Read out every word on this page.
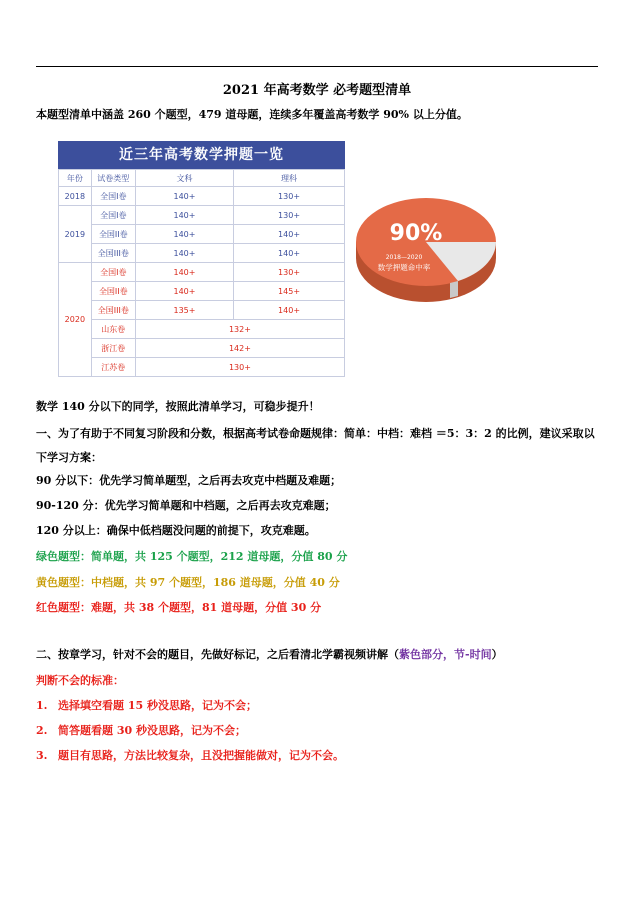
2021 年高考数学 必考题型清单
本题型清单中涵盖 260 个题型，479 道母题，连续多年覆盖高考数学 90% 以上分值。
近三年高考数学押题一览
年份	试卷类型	文科	理科
2018	全国I卷	140+	130+
2019	全国I卷	140+	130+
	全国II卷	140+	140+
	全国III卷	140+	140+
2020	全国I卷	140+	130+
	全国II卷	140+	145+
	全国III卷	135+	140+
	山东卷	132+	
	浙江卷	142+	
	江苏卷	130+	
90%
2018—2020
数学押题命中率
数学 140 分以下的同学，按照此清单学习，可稳步提升！
一、为了有助于不同复习阶段和分数，根据高考试卷命题规律：简单：中档：难档 ＝5：3：2 的比例，建议采取以下学习方案：
90 分以下：优先学习简单题型，之后再去攻克中档题及难题；
90-120 分：优先学习简单题和中档题，之后再去攻克难题；
120 分以上：确保中低档题没问题的前提下，攻克难题。
绿色题型：简单题，共 125 个题型，212 道母题，分值 80 分
黄色题型：中档题，共 97 个题型，186 道母题，分值 40 分
红色题型：难题，共 38 个题型，81 道母题，分值 30 分
二、按章学习，针对不会的题目，先做好标记，之后看清北学霸视频讲解（紫色部分，节-时间）
判断不会的标准：
1. 选择填空看题 15 秒没思路，记为不会；
2. 简答题看题 30 秒没思路，记为不会；
3. 题目有思路，方法比较复杂，且没把握能做对，记为不会。
